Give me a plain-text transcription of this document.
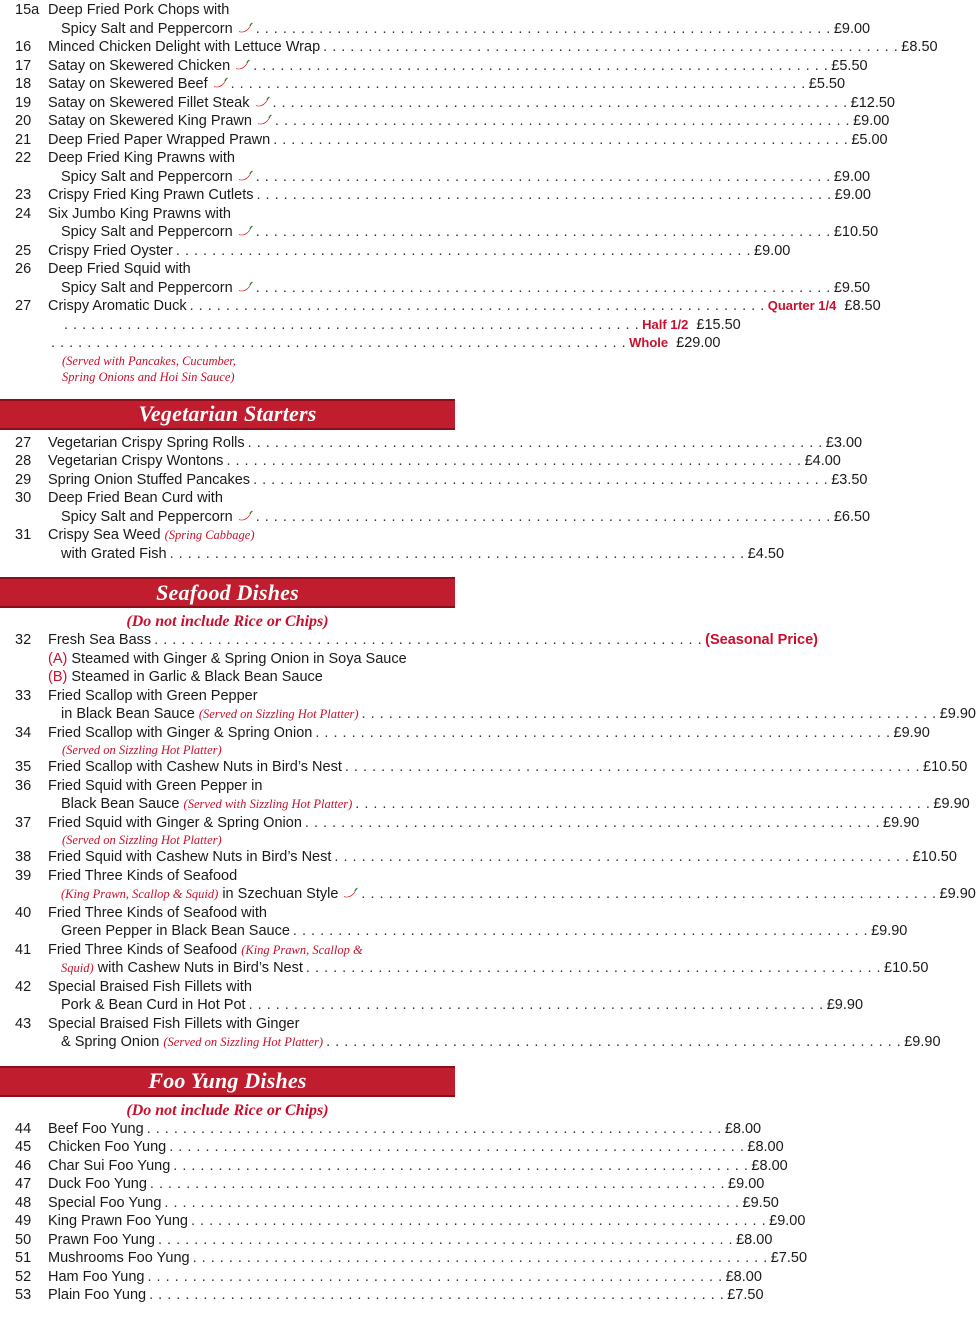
15a Deep Fried Pork Chops with
Spicy Salt and Peppercorn	. . . . . . . . . . . . . . . . . . . . . . . . . . . . . . . . . . . . . . . . . . . . . . . . . . . . . . . . . . . . . . . . £9.00
16 Minced Chicken Delight with Lettuce Wrap . . . . . . . . . . . . . . . . . . . . . . . . . . . . . . . . . . . . . . . . . . . . . . . . . . . . . . . . . . . . . . . . £8.50
17 Satay on Skewered Chicken	. . . . . . . . . . . . . . . . . . . . . . . . . . . . . . . . . . . . . . . . . . . . . . . . . . . . . . . . . . . . . . . . £5.50
18 Satay on Skewered Beef	. . . . . . . . . . . . . . . . . . . . . . . . . . . . . . . . . . . . . . . . . . . . . . . . . . . . . . . . . . . . . . . . £5.50
19 Satay on Skewered Fillet Steak	. . . . . . . . . . . . . . . . . . . . . . . . . . . . . . . . . . . . . . . . . . . . . . . . . . . . . . . . . . . . . . . . £12.50
20 Satay on Skewered King Prawn	. . . . . . . . . . . . . . . . . . . . . . . . . . . . . . . . . . . . . . . . . . . . . . . . . . . . . . . . . . . . . . . . £9.00
21 Deep Fried Paper Wrapped Prawn . . . . . . . . . . . . . . . . . . . . . . . . . . . . . . . . . . . . . . . . . . . . . . . . . . . . . . . . . . . . . . . . £5.00
22 Deep Fried King Prawns with
Spicy Salt and Peppercorn	. . . . . . . . . . . . . . . . . . . . . . . . . . . . . . . . . . . . . . . . . . . . . . . . . . . . . . . . . . . . . . . . £9.00
23 Crispy Fried King Prawn Cutlets . . . . . . . . . . . . . . . . . . . . . . . . . . . . . . . . . . . . . . . . . . . . . . . . . . . . . . . . . . . . . . . . £9.00
24 Six Jumbo King Prawns with
Spicy Salt and Peppercorn	. . . . . . . . . . . . . . . . . . . . . . . . . . . . . . . . . . . . . . . . . . . . . . . . . . . . . . . . . . . . . . . . £10.50
25 Crispy Fried Oyster . . . . . . . . . . . . . . . . . . . . . . . . . . . . . . . . . . . . . . . . . . . . . . . . . . . . . . . . . . . . . . . . £9.00
26 Deep Fried Squid with
Spicy Salt and Peppercorn	. . . . . . . . . . . . . . . . . . . . . . . . . . . . . . . . . . . . . . . . . . . . . . . . . . . . . . . . . . . . . . . . £9.50
27 Crispy Aromatic Duck . . . . . . . . . . . . . . . . . . . . . . . . . . . . . . . . . . . . . . . . . . . . . . . . . . . . . . . . . . . . . . . . Quarter 1/4 £8.50
. . . . . . . . . . . . . . . . . . . . . . . . . . . . . . . . . . . . . . . . . . . . . . . . . . . . . . . . . . . . . . . . Half 1/2 £15.50
. . . . . . . . . . . . . . . . . . . . . . . . . . . . . . . . . . . . . . . . . . . . . . . . . . . . . . . . . . . . . . . . Whole £29.00
(Served with Pancakes, Cucumber,
Spring Onions and Hoi Sin Sauce)
Vegetarian Starters
27 Vegetarian Crispy Spring Rolls . . . . . . . . . . . . . . . . . . . . . . . . . . . . . . . . . . . . . . . . . . . . . . . . . . . . . . . . . . . . . . . . £3.00
28 Vegetarian Crispy Wontons . . . . . . . . . . . . . . . . . . . . . . . . . . . . . . . . . . . . . . . . . . . . . . . . . . . . . . . . . . . . . . . . £4.00
29 Spring Onion Stuffed Pancakes . . . . . . . . . . . . . . . . . . . . . . . . . . . . . . . . . . . . . . . . . . . . . . . . . . . . . . . . . . . . . . . . £3.50
30 Deep Fried Bean Curd with
Spicy Salt and Peppercorn	. . . . . . . . . . . . . . . . . . . . . . . . . . . . . . . . . . . . . . . . . . . . . . . . . . . . . . . . . . . . . . . . £6.50
31 Crispy Sea Weed (Spring Cabbage)
with Grated Fish . . . . . . . . . . . . . . . . . . . . . . . . . . . . . . . . . . . . . . . . . . . . . . . . . . . . . . . . . . . . . . . . £4.50
Seafood Dishes
(Do not include Rice or Chips)
32 Fresh Sea Bass . . . . . . . . . . . . . . . . . . . . . . . . . . . . . . . . . . . . . . . . . . . . . . . . . . . . . . . . . . . . . (Seasonal Price)
(A) Steamed with Ginger & Spring Onion in Soya Sauce
(B) Steamed in Garlic & Black Bean Sauce
33 Fried Scallop with Green Pepper
in Black Bean Sauce (Served on Sizzling Hot Platter) . . . . . . . . . . . . . . . . . . . . . . . . . . . . . . . . . . . . . . . . . . . . . . . . . . . . . . . . . . . . . . . . £9.90
34 Fried Scallop with Ginger & Spring Onion . . . . . . . . . . . . . . . . . . . . . . . . . . . . . . . . . . . . . . . . . . . . . . . . . . . . . . . . . . . . . . . . £9.90
(Served on Sizzling Hot Platter)
35 Fried Scallop with Cashew Nuts in Bird’s Nest . . . . . . . . . . . . . . . . . . . . . . . . . . . . . . . . . . . . . . . . . . . . . . . . . . . . . . . . . . . . . . . . £10.50
36 Fried Squid with Green Pepper in
Black Bean Sauce (Served with Sizzling Hot Platter) . . . . . . . . . . . . . . . . . . . . . . . . . . . . . . . . . . . . . . . . . . . . . . . . . . . . . . . . . . . . . . . . £9.90
37 Fried Squid with Ginger & Spring Onion . . . . . . . . . . . . . . . . . . . . . . . . . . . . . . . . . . . . . . . . . . . . . . . . . . . . . . . . . . . . . . . . £9.90
(Served on Sizzling Hot Platter)
38 Fried Squid with Cashew Nuts in Bird’s Nest . . . . . . . . . . . . . . . . . . . . . . . . . . . . . . . . . . . . . . . . . . . . . . . . . . . . . . . . . . . . . . . . £10.50
39 Fried Three Kinds of Seafood
(King Prawn, Scallop & Squid) in Szechuan Style	. . . . . . . . . . . . . . . . . . . . . . . . . . . . . . . . . . . . . . . . . . . . . . . . . . . . . . . . . . . . . . . . £9.90
40 Fried Three Kinds of Seafood with
Green Pepper in Black Bean Sauce . . . . . . . . . . . . . . . . . . . . . . . . . . . . . . . . . . . . . . . . . . . . . . . . . . . . . . . . . . . . . . . . £9.90
41 Fried Three Kinds of Seafood (King Prawn, Scallop &
Squid) with Cashew Nuts in Bird’s Nest . . . . . . . . . . . . . . . . . . . . . . . . . . . . . . . . . . . . . . . . . . . . . . . . . . . . . . . . . . . . . . . . £10.50
42 Special Braised Fish Fillets with
Pork & Bean Curd in Hot Pot . . . . . . . . . . . . . . . . . . . . . . . . . . . . . . . . . . . . . . . . . . . . . . . . . . . . . . . . . . . . . . . . £9.90
43 Special Braised Fish Fillets with Ginger
& Spring Onion (Served on Sizzling Hot Platter) . . . . . . . . . . . . . . . . . . . . . . . . . . . . . . . . . . . . . . . . . . . . . . . . . . . . . . . . . . . . . . . . £9.90
Foo Yung Dishes
(Do not include Rice or Chips)
44 Beef Foo Yung . . . . . . . . . . . . . . . . . . . . . . . . . . . . . . . . . . . . . . . . . . . . . . . . . . . . . . . . . . . . . . . . £8.00
45 Chicken Foo Yung . . . . . . . . . . . . . . . . . . . . . . . . . . . . . . . . . . . . . . . . . . . . . . . . . . . . . . . . . . . . . . . . £8.00
46 Char Sui Foo Yung . . . . . . . . . . . . . . . . . . . . . . . . . . . . . . . . . . . . . . . . . . . . . . . . . . . . . . . . . . . . . . . . £8.00
47 Duck Foo Yung . . . . . . . . . . . . . . . . . . . . . . . . . . . . . . . . . . . . . . . . . . . . . . . . . . . . . . . . . . . . . . . . £9.00
48 Special Foo Yung . . . . . . . . . . . . . . . . . . . . . . . . . . . . . . . . . . . . . . . . . . . . . . . . . . . . . . . . . . . . . . . . £9.50
49 King Prawn Foo Yung . . . . . . . . . . . . . . . . . . . . . . . . . . . . . . . . . . . . . . . . . . . . . . . . . . . . . . . . . . . . . . . . £9.00
50 Prawn Foo Yung . . . . . . . . . . . . . . . . . . . . . . . . . . . . . . . . . . . . . . . . . . . . . . . . . . . . . . . . . . . . . . . . £8.00
51 Mushrooms Foo Yung . . . . . . . . . . . . . . . . . . . . . . . . . . . . . . . . . . . . . . . . . . . . . . . . . . . . . . . . . . . . . . . . £7.50
52 Ham Foo Yung . . . . . . . . . . . . . . . . . . . . . . . . . . . . . . . . . . . . . . . . . . . . . . . . . . . . . . . . . . . . . . . . £8.00
53 Plain Foo Yung . . . . . . . . . . . . . . . . . . . . . . . . . . . . . . . . . . . . . . . . . . . . . . . . . . . . . . . . . . . . . . . . £7.50
